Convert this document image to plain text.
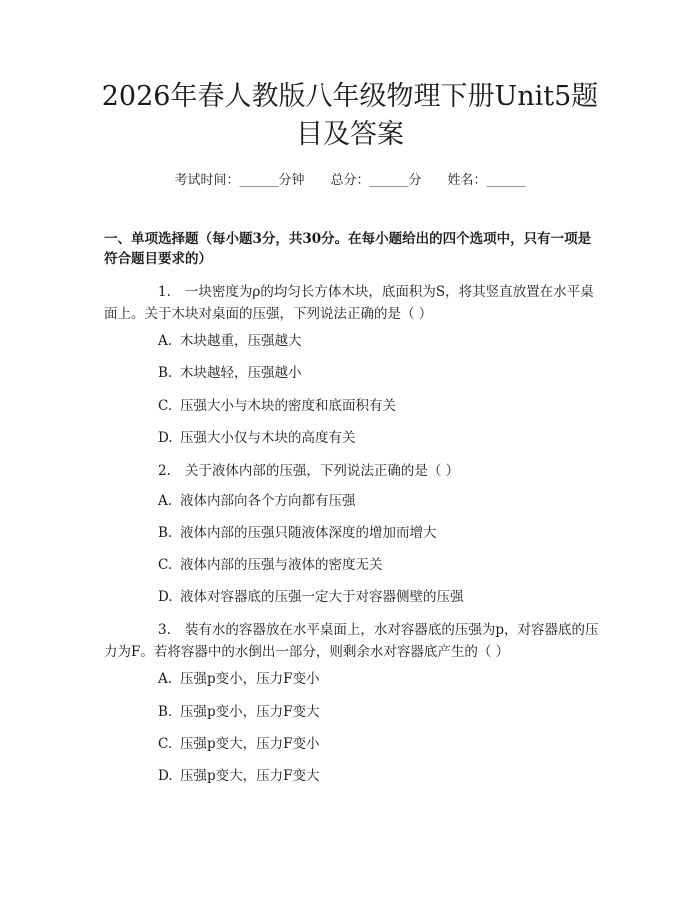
2026年春人教版八年级物理下册Unit5题目及答案
考试时间：______分钟 总分：______分 姓名：______

一、单项选择题（每小题3分，共30分。在每小题给出的四个选项中，只有一项是符合题目要求的）

1. 一块密度为ρ的均匀长方体木块，底面积为S，将其竖直放置在水平桌面上。关于木块对桌面的压强，下列说法正确的是（ ）

A. 木块越重，压强越大
B. 木块越轻，压强越小
C. 压强大小与木块的密度和底面积有关
D. 压强大小仅与木块的高度有关

2. 关于液体内部的压强，下列说法正确的是（ ）

A. 液体内部向各个方向都有压强
B. 液体内部的压强只随液体深度的增加而增大
C. 液体内部的压强与液体的密度无关
D. 液体对容器底的压强一定大于对容器侧壁的压强

3. 装有水的容器放在水平桌面上，水对容器底的压强为p，对容器底的压力为F。若将容器中的水倒出一部分，则剩余水对容器底产生的（ ）

A. 压强p变小，压力F变小
B. 压强p变小，压力F变大
C. 压强p变大，压力F变小
D. 压强p变大，压力F变大
